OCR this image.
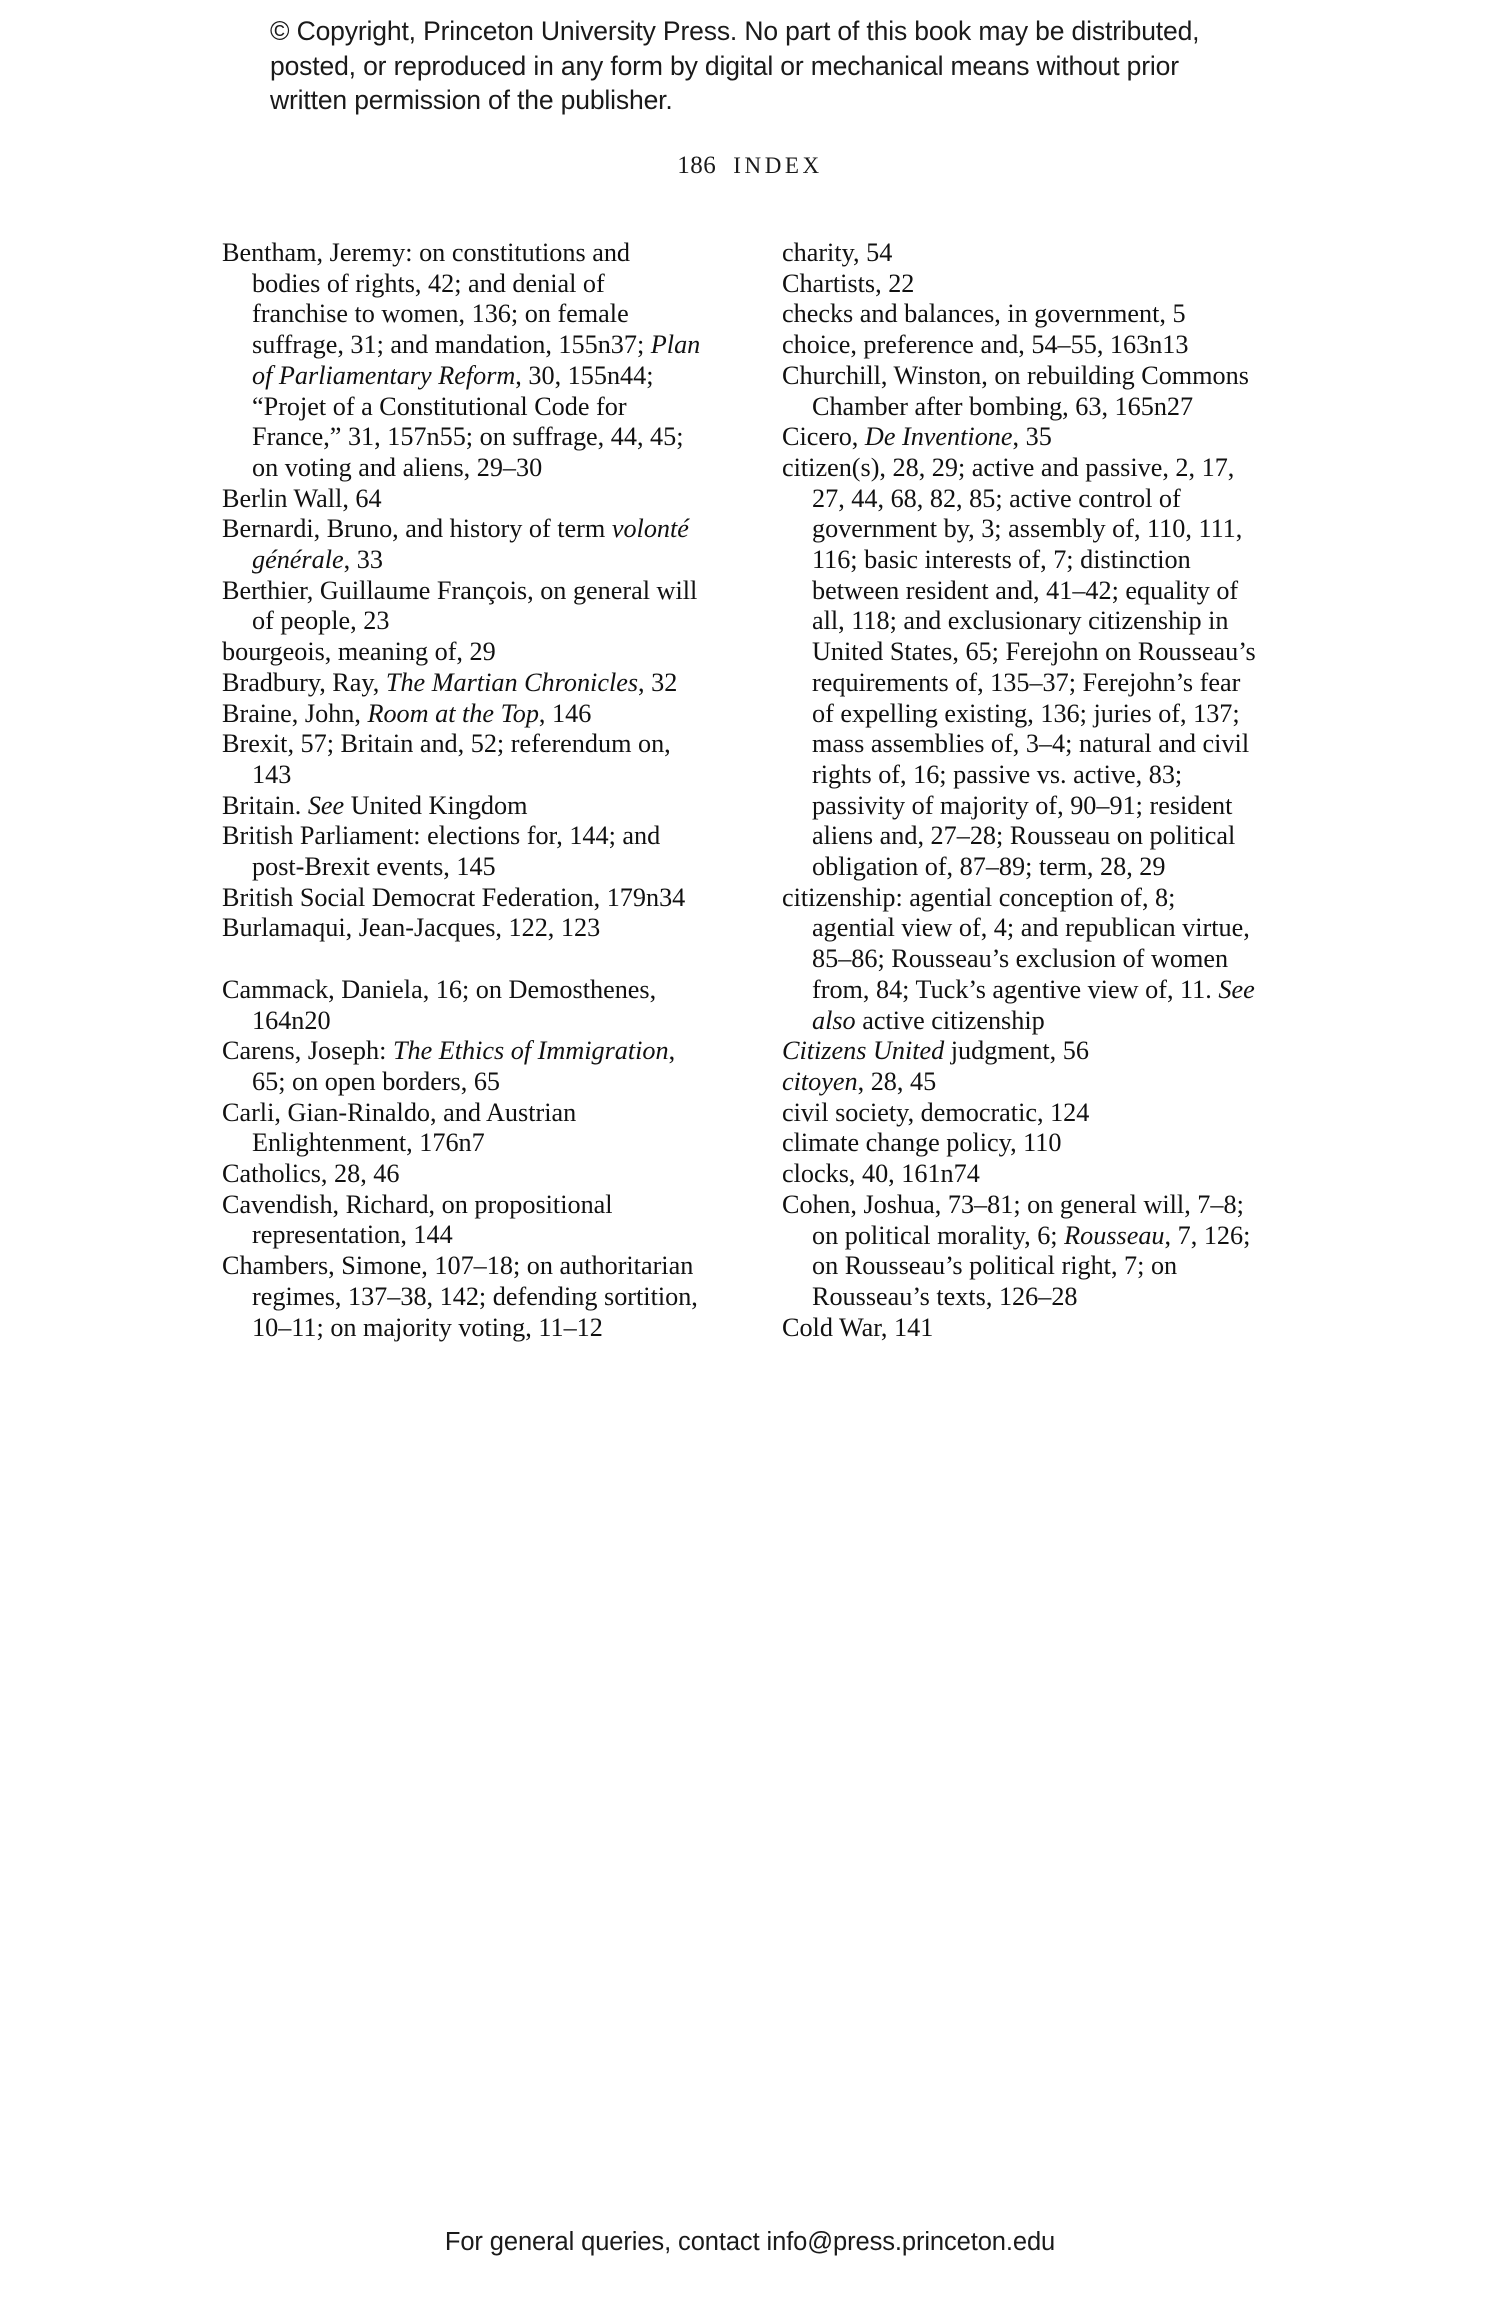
© Copyright, Princeton University Press. No part of this book may be distributed, posted, or reproduced in any form by digital or mechanical means without prior written permission of the publisher.
186 INDEX

Bentham, Jeremy: on constitutions and bodies of rights, 42; and denial of franchise to women, 136; on female suffrage, 31; and mandation, 155n37; Plan of Parliamentary Reform, 30, 155n44; “Projet of a Constitutional Code for France,” 31, 157n55; on suffrage, 44, 45; on voting and aliens, 29–30

Berlin Wall, 64

Bernardi, Bruno, and history of term volonté générale, 33

Berthier, Guillaume François, on general will of people, 23

bourgeois, meaning of, 29

Bradbury, Ray, The Martian Chronicles, 32

Braine, John, Room at the Top, 146

Brexit, 57; Britain and, 52; referendum on, 143

Britain. See United Kingdom

British Parliament: elections for, 144; and post-Brexit events, 145

British Social Democrat Federation, 179n34

Burlamaqui, Jean-Jacques, 122, 123

Cammack, Daniela, 16; on Demosthenes, 164n20

Carens, Joseph: The Ethics of Immigration, 65; on open borders, 65

Carli, Gian-Rinaldo, and Austrian Enlightenment, 176n7

Catholics, 28, 46

Cavendish, Richard, on propositional representation, 144

Chambers, Simone, 107–18; on authoritarian regimes, 137–38, 142; defending sortition, 10–11; on majority voting, 11–12

charity, 54

Chartists, 22

checks and balances, in government, 5

choice, preference and, 54–55, 163n13

Churchill, Winston, on rebuilding Commons Chamber after bombing, 63, 165n27

Cicero, De Inventione, 35

citizen(s), 28, 29; active and passive, 2, 17, 27, 44, 68, 82, 85; active control of government by, 3; assembly of, 110, 111, 116; basic interests of, 7; distinction between resident and, 41–42; equality of all, 118; and exclusionary citizenship in United States, 65; Ferejohn on Rousseau’s requirements of, 135–37; Ferejohn’s fear of expelling existing, 136; juries of, 137; mass assemblies of, 3–4; natural and civil rights of, 16; passive vs. active, 83; passivity of majority of, 90–91; resident aliens and, 27–28; Rousseau on political obligation of, 87–89; term, 28, 29

citizenship: agential conception of, 8; agential view of, 4; and republican virtue, 85–86; Rousseau’s exclusion of women from, 84; Tuck’s agentive view of, 11. See also active citizenship

Citizens United judgment, 56

citoyen, 28, 45

civil society, democratic, 124

climate change policy, 110

clocks, 40, 161n74

Cohen, Joshua, 73–81; on general will, 7–8; on political morality, 6; Rousseau, 7, 126; on Rousseau’s political right, 7; on Rousseau’s texts, 126–28

Cold War, 141

For general queries, contact info@press.princeton.edu
